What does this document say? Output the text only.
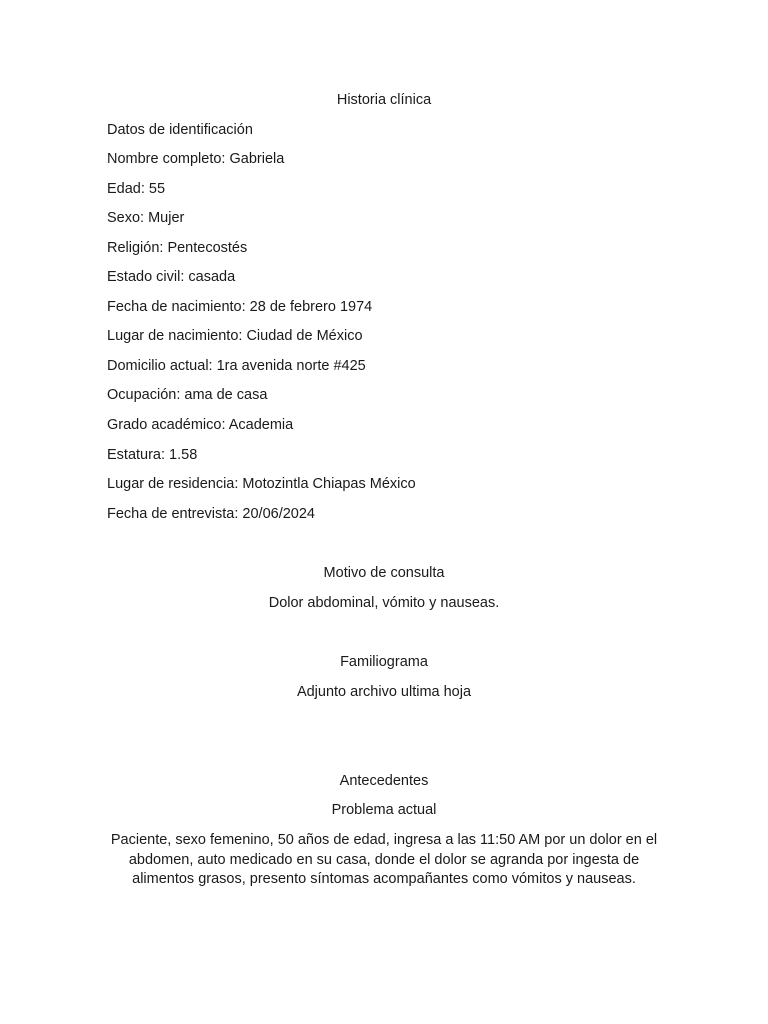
Historia clínica

Datos de identificación

Nombre completo: Gabriela

Edad: 55

Sexo: Mujer

Religión: Pentecostés

Estado civil: casada

Fecha de nacimiento: 28 de febrero 1974

Lugar de nacimiento: Ciudad de México

Domicilio actual: 1ra avenida norte #425

Ocupación: ama de casa

Grado académico: Academia

Estatura: 1.58

Lugar de residencia: Motozintla Chiapas México

Fecha de entrevista: 20/06/2024

Motivo de consulta

Dolor abdominal, vómito y nauseas.

Familiograma

Adjunto archivo ultima hoja

Antecedentes

Problema actual

Paciente, sexo femenino, 50 años de edad, ingresa a las 11:50 AM por un dolor en el abdomen, auto medicado en su casa, donde el dolor se agranda por ingesta de alimentos grasos, presento síntomas acompañantes como vómitos y nauseas.
